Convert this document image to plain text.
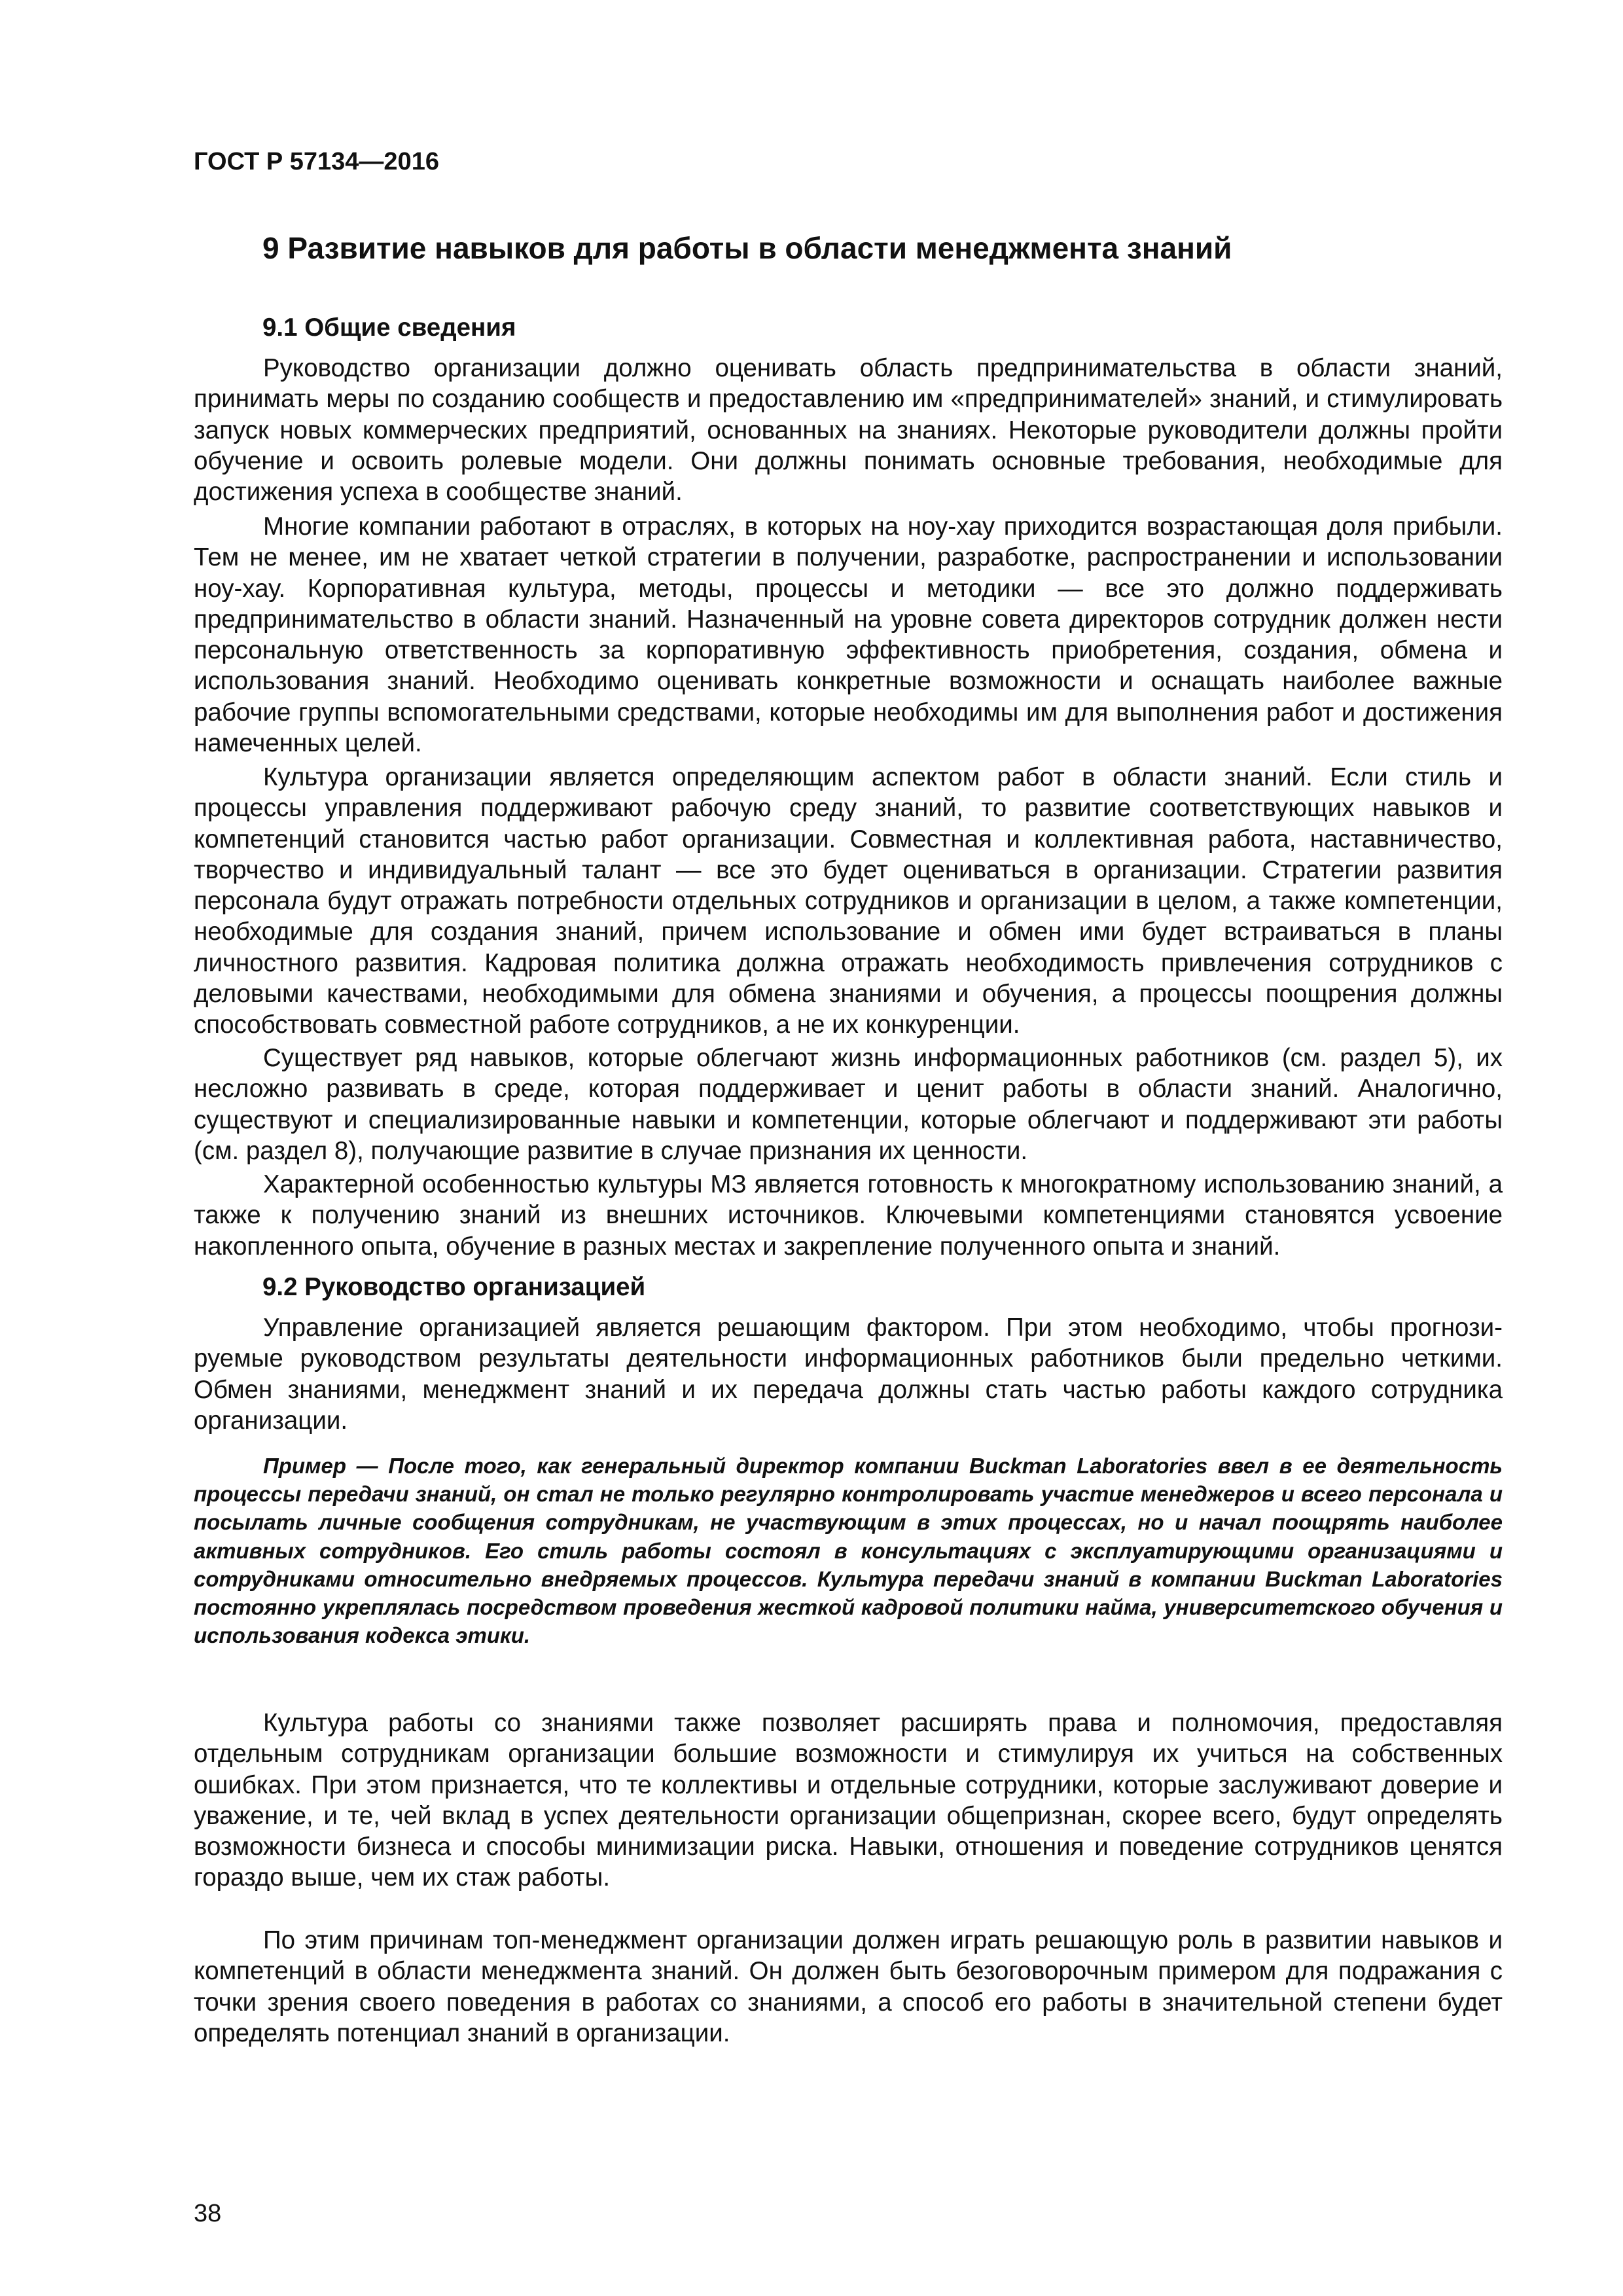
ГОСТ Р 57134—2016
9 Развитие навыков для работы в области менеджмента знаний
9.1 Общие сведения

Руководство организации должно оценивать область предпринимательства в области знаний, принимать меры по созданию сообществ и предоставлению им «предпринимателей» знаний, и стимулировать запуск новых коммерческих предприятий, основанных на знаниях. Некоторые руководители должны пройти обучение и освоить ролевые модели. Они должны понимать основные требования, необходимые для достижения успеха в сообществе знаний.

Многие компании работают в отраслях, в которых на ноу-хау приходится возрастающая доля прибыли. Тем не менее, им не хватает четкой стратегии в получении, разработке, распространении и использовании ноу-хау. Корпоративная культура, методы, процессы и методики — все это должно поддерживать предпринимательство в области знаний. Назначенный на уровне совета директоров сотрудник должен нести персональную ответственность за корпоративную эффективность приобретения, создания, обмена и использования знаний. Необходимо оценивать конкретные возможности и оснащать наиболее важные рабочие группы вспомогательными средствами, которые необходимы им для выполнения работ и достижения намеченных целей.

Культура организации является определяющим аспектом работ в области знаний. Если стиль и процессы управления поддерживают рабочую среду знаний, то развитие соответствующих навыков и компетенций становится частью работ организации. Совместная и коллективная работа, наставничество, творчество и индивидуальный талант — все это будет оцениваться в организации. Стратегии развития персонала будут отражать потребности отдельных сотрудников и организации в целом, а также компетенции, необходимые для создания знаний, причем использование и обмен ими будет встраиваться в планы личностного развития. Кадровая политика должна отражать необходимость привлечения сотрудников с деловыми качествами, необходимыми для обмена знаниями и обучения, а процессы поощрения должны способствовать совместной работе сотрудников, а не их конкуренции.

Существует ряд навыков, которые облегчают жизнь информационных работников (см. раздел 5), их несложно развивать в среде, которая поддерживает и ценит работы в области знаний. Аналогично, существуют и специализированные навыки и компетенции, которые облегчают и поддерживают эти работы (см. раздел 8), получающие развитие в случае признания их ценности.

Характерной особенностью культуры МЗ является готовность к многократному использованию знаний, а также к получению знаний из внешних источников. Ключевыми компетенциями становятся усвоение накопленного опыта, обучение в разных местах и закрепление полученного опыта и знаний.

9.2 Руководство организацией

Управление организацией является решающим фактором. При этом необходимо, чтобы прогнозируемые руководством результаты деятельности информационных работников были предельно четкими. Обмен знаниями, менеджмент знаний и их передача должны стать частью работы каждого сотрудника организации.

Пример — После того, как генеральный директор компании Buckman Laboratories ввел в ее деятельность процессы передачи знаний, он стал не только регулярно контролировать участие менеджеров и всего персонала и посылать личные сообщения сотрудникам, не участвующим в этих процессах, но и начал поощрять наиболее активных сотрудников. Его стиль работы состоял в консультациях с эксплуатирующими организациями и сотрудниками относительно внедряемых процессов. Культура передачи знаний в компании Buckman Laboratories постоянно укреплялась посредством проведения жесткой кадровой политики найма, университетского обучения и использования кодекса этики.

Культура работы со знаниями также позволяет расширять права и полномочия, предоставляя отдельным сотрудникам организации большие возможности и стимулируя их учиться на собственных ошибках. При этом признается, что те коллективы и отдельные сотрудники, которые заслуживают доверие и уважение, и те, чей вклад в успех деятельности организации общепризнан, скорее всего, будут определять возможности бизнеса и способы минимизации риска. Навыки, отношения и поведение сотрудников ценятся гораздо выше, чем их стаж работы.

По этим причинам топ-менеджмент организации должен играть решающую роль в развитии навыков и компетенций в области менеджмента знаний. Он должен быть безоговорочным примером для подражания с точки зрения своего поведения в работах со знаниями, а способ его работы в значительной степени будет определять потенциал знаний в организации.

38
